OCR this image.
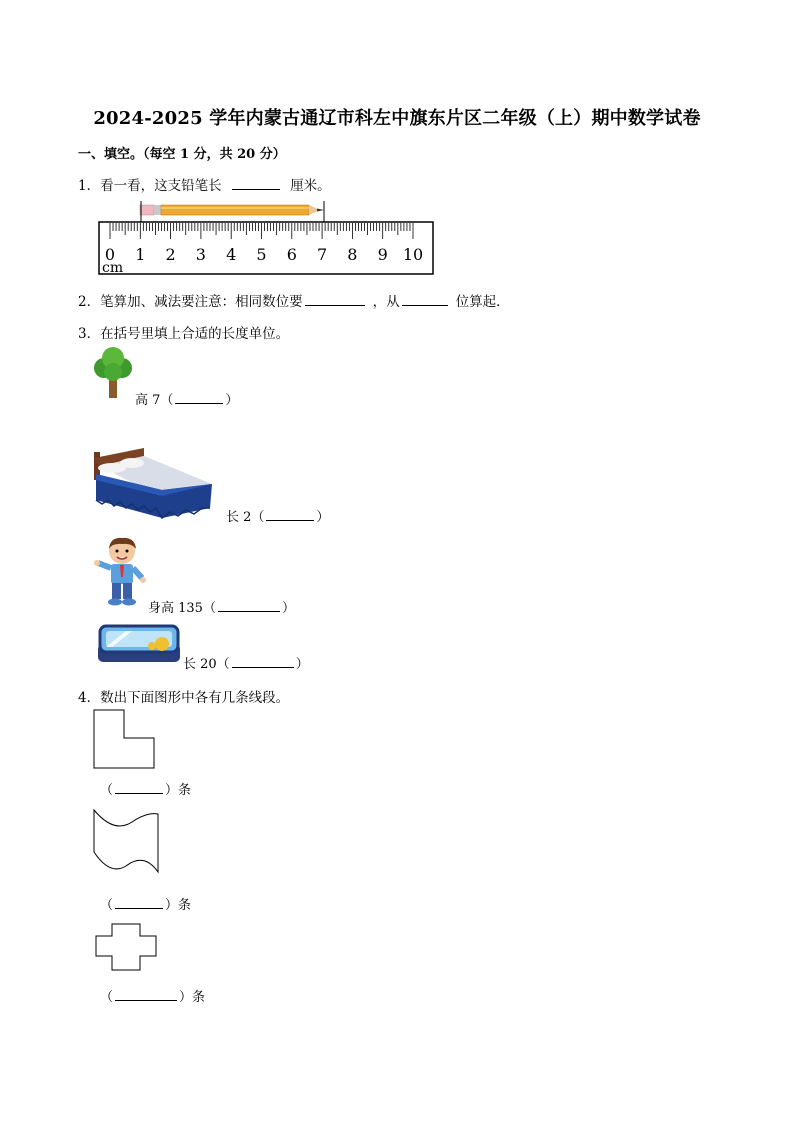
2024-2025 学年内蒙古通辽市科左中旗东片区二年级（上）期中数学试卷
一、填空。（每空 1 分，共 20 分）
1．看一看，这支铅笔长	厘米。
0 1 2 3 4 5 6 7 8 9 10
cm
2．笔算加、减法要注意：相同数位要	，从	位算起．
3．在括号里填上合适的长度单位。
高 7（	）
长 2（	）
身高 135（	）
长 20（	）
4．数出下面图形中各有几条线段。
（	）条
（	）条
（	）条
